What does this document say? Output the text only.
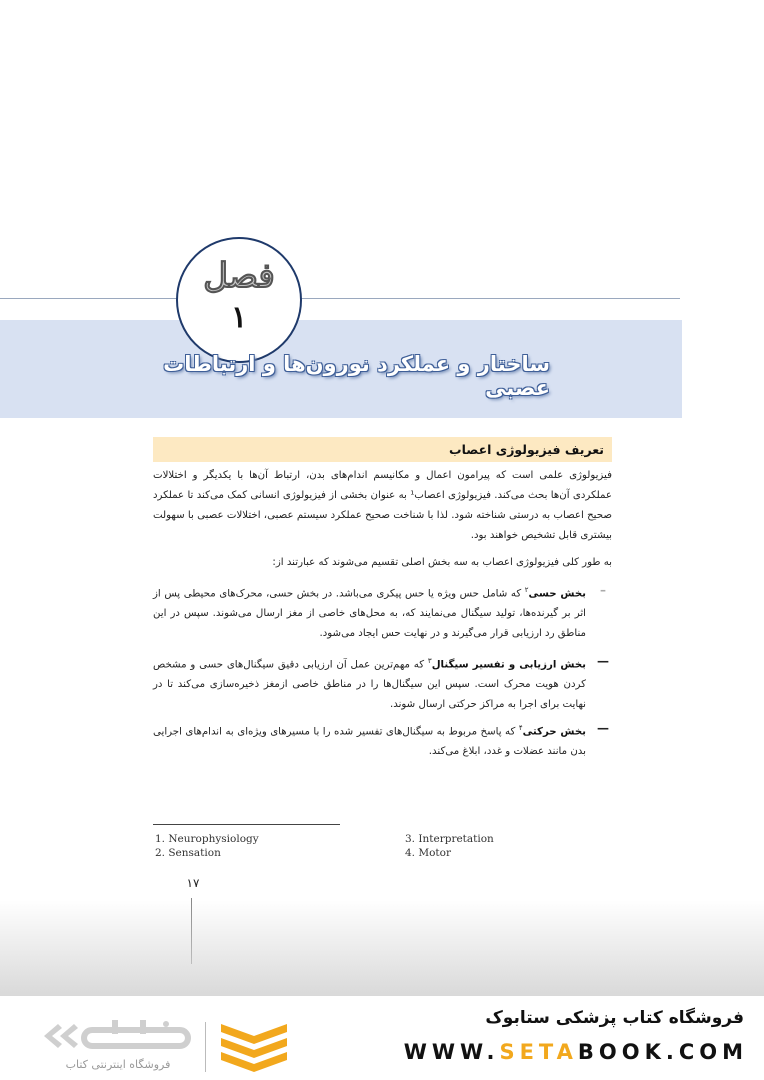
فصل
۱
ساختار و عملکرد نورون‌ها و ارتباطات عصبی
تعریف فیزیولوژی اعصاب
فیزیولوژی علمی است که پیرامون اعمال و مکانیسم اندام‌های بدن، ارتباط آن‌ها با یکدیگر و اختلالات عملکردی آن‌ها بحث می‌کند. فیزیولوژی اعصاب¹ به عنوان بخشی از فیزیولوژی انسانی کمک می‌کند تا عملکرد صحیح اعصاب به درستی شناخته شود. لذا با شناخت صحیح عملکرد سیستم عصبی، اختلالات عصبی با سهولت بیشتری قابل تشخیص خواهند بود.
به طور کلی فیزیولوژی اعصاب به سه بخش اصلی تقسیم می‌شوند که عبارتند از:
–
بخش حسی$^۲$ که شامل حس ویژه یا حس پیکری می‌باشد. در بخش حسی، محرک‌های محیطی پس از اثر بر گیرنده‌ها، تولید سیگنال می‌نمایند که، به محل‌های خاصی از مغز ارسال می‌شوند. سپس در این مناطق رد ارزیابی قرار می‌گیرند و در نهایت حس ایجاد می‌شود.
—
بخش ارزیابی و تفسیر سیگنال$^۳$ که مهم‌ترین عمل آن ارزیابی دقیق سیگنال‌های حسی و مشخص کردن هویت محرک است. سپس این سیگنال‌ها را در مناطق خاصی ازمغز ذخیره‌سازی می‌کند تا در نهایت برای اجرا به مراکز حرکتی ارسال شوند.
—
بخش حرکتی$^۴$ که پاسخ مربوط به سیگنال‌های تفسیر شده را با مسیرهای ویژه‌ای به اندام‌های اجرایی بدن مانند عضلات و غدد، ابلاغ می‌کند.
1. Neurophysiology
2. Sensation
3. Interpretation
4. Motor
۱۷
فروشگاه کتاب پزشکی ستابوک
WWW.SETABOOK.COM
فروشگاه اینترنتی کتاب
